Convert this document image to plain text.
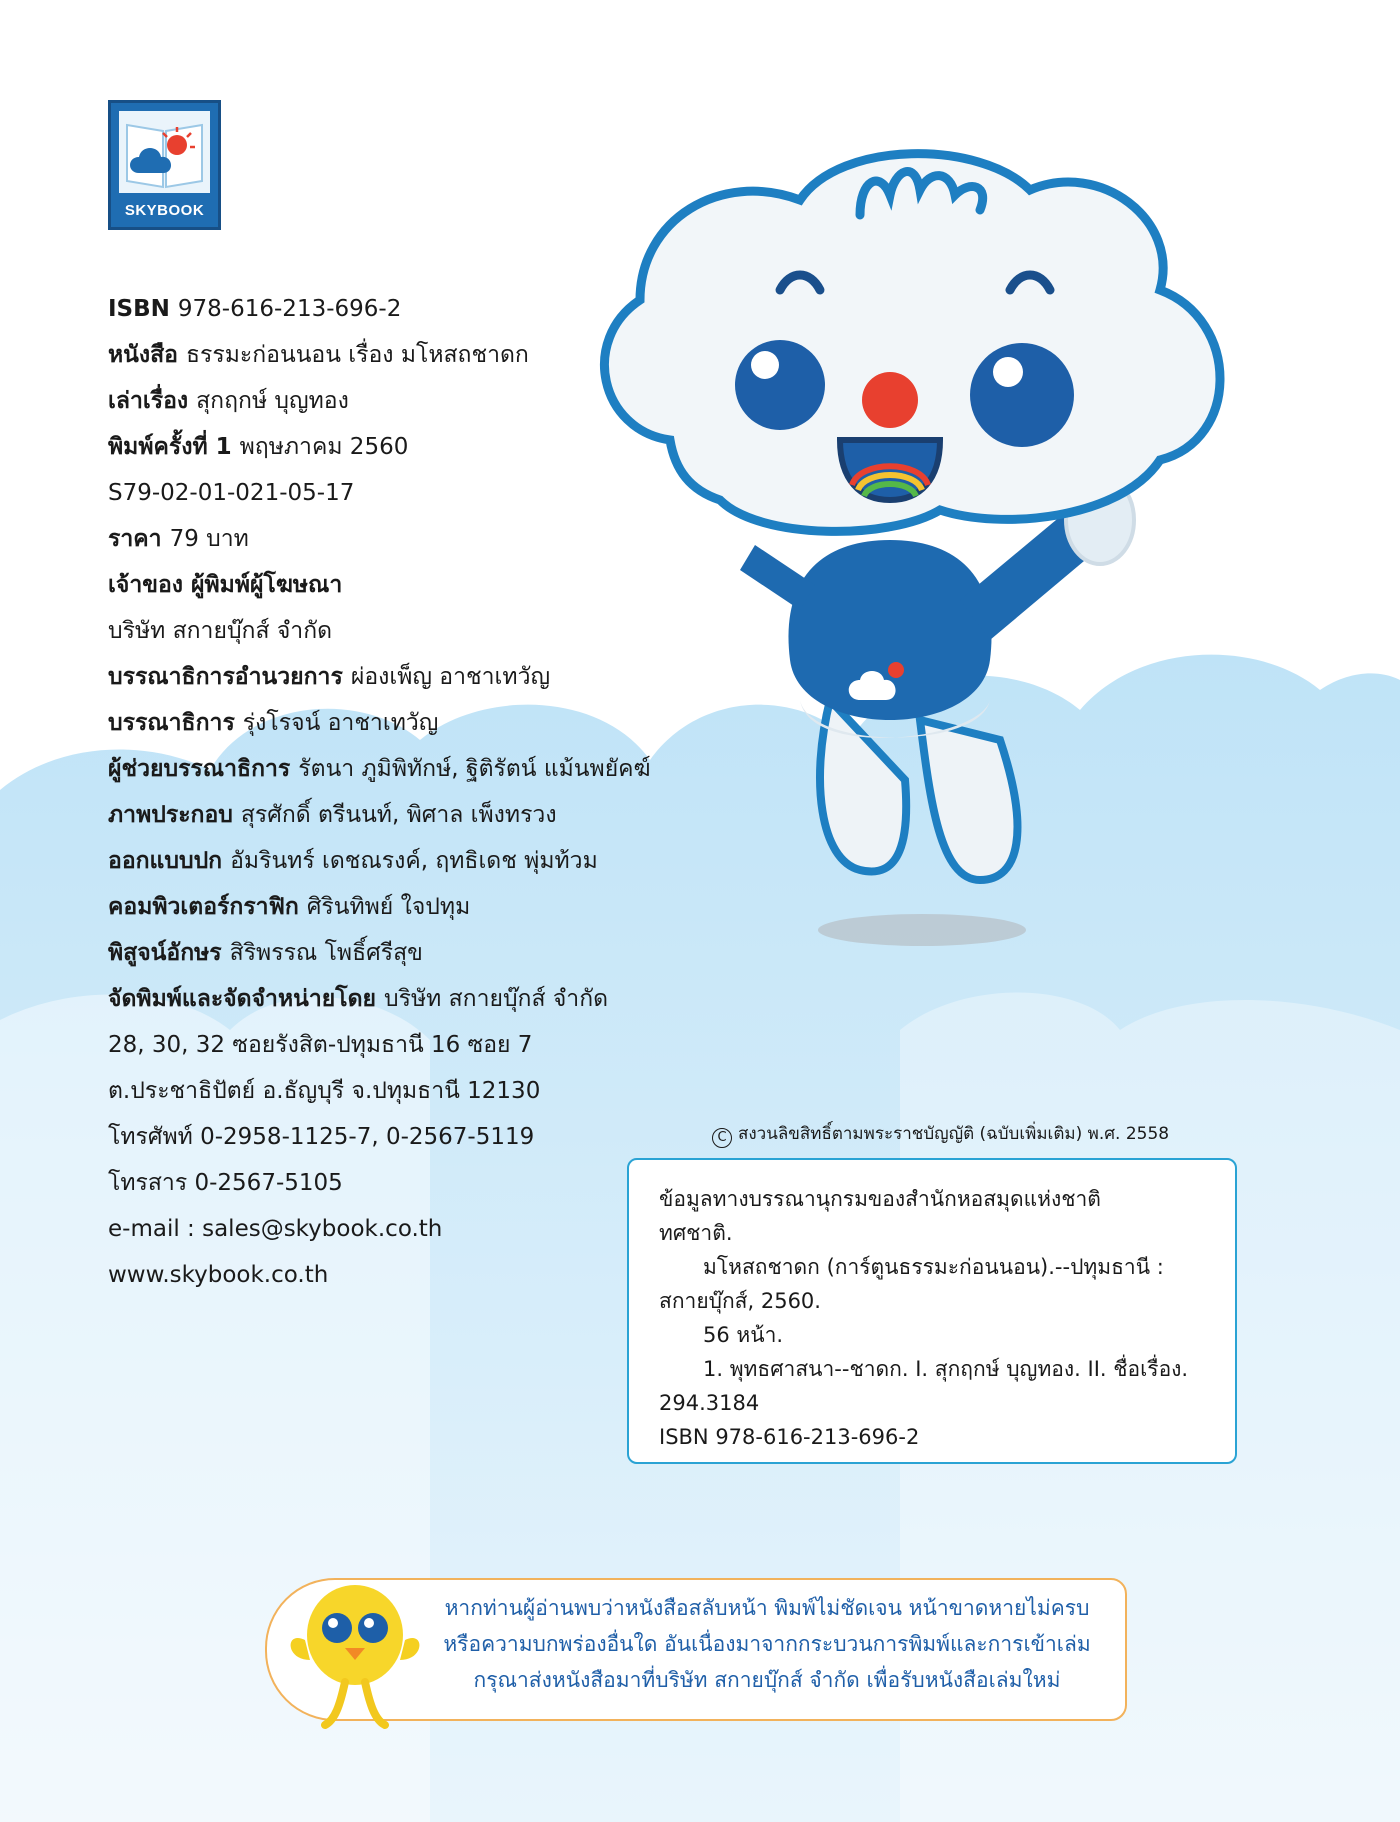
SKYBOOK
ISBN 978-616-213-696-2
หนังสือ ธรรมะก่อนนอน เรื่อง มโหสถชาดก
เล่าเรื่อง สุกฤกษ์ บุญทอง
พิมพ์ครั้งที่ 1 พฤษภาคม 2560
S79-02-01-021-05-17
ราคา 79 บาท
เจ้าของ ผู้พิมพ์ผู้โฆษณา
บริษัท สกายบุ๊กส์ จำกัด
บรรณาธิการอำนวยการ ผ่องเพ็ญ อาชาเทวัญ
บรรณาธิการ รุ่งโรจน์ อาชาเทวัญ
ผู้ช่วยบรรณาธิการ รัตนา ภูมิพิทักษ์, ฐิติรัตน์ แม้นพยัคฆ์
ภาพประกอบ สุรศักดิ์ ตรีนนท์, พิศาล เพ็งทรวง
ออกแบบปก อัมรินทร์ เดชณรงค์, ฤทธิเดช พุ่มท้วม
คอมพิวเตอร์กราฟิก ศิรินทิพย์ ใจปทุม
พิสูจน์อักษร สิริพรรณ โพธิ์ศรีสุข
จัดพิมพ์และจัดจำหน่ายโดย บริษัท สกายบุ๊กส์ จำกัด
28, 30, 32 ซอยรังสิต-ปทุมธานี 16 ซอย 7
ต.ประชาธิปัตย์ อ.ธัญบุรี จ.ปทุมธานี 12130
โทรศัพท์ 0-2958-1125-7, 0-2567-5119
โทรสาร 0-2567-5105
e-mail : sales@skybook.co.th
www.skybook.co.th
C สงวนลิขสิทธิ์ตามพระราชบัญญัติ (ฉบับเพิ่มเติม) พ.ศ. 2558
ข้อมูลทางบรรณานุกรมของสำนักหอสมุดแห่งชาติ
ทศชาติ.
มโหสถชาดก (การ์ตูนธรรมะก่อนนอน).--ปทุมธานี :
สกายบุ๊กส์, 2560.
56 หน้า.
1. พุทธศาสนา--ชาดก. I. สุกฤกษ์ บุญทอง. II. ชื่อเรื่อง.
294.3184
ISBN 978-616-213-696-2
หากท่านผู้อ่านพบว่าหนังสือสลับหน้า พิมพ์ไม่ชัดเจน หน้าขาดหายไม่ครบ
หรือความบกพร่องอื่นใด อันเนื่องมาจากกระบวนการพิมพ์และการเข้าเล่ม
กรุณาส่งหนังสือมาที่บริษัท สกายบุ๊กส์ จำกัด เพื่อรับหนังสือเล่มใหม่
